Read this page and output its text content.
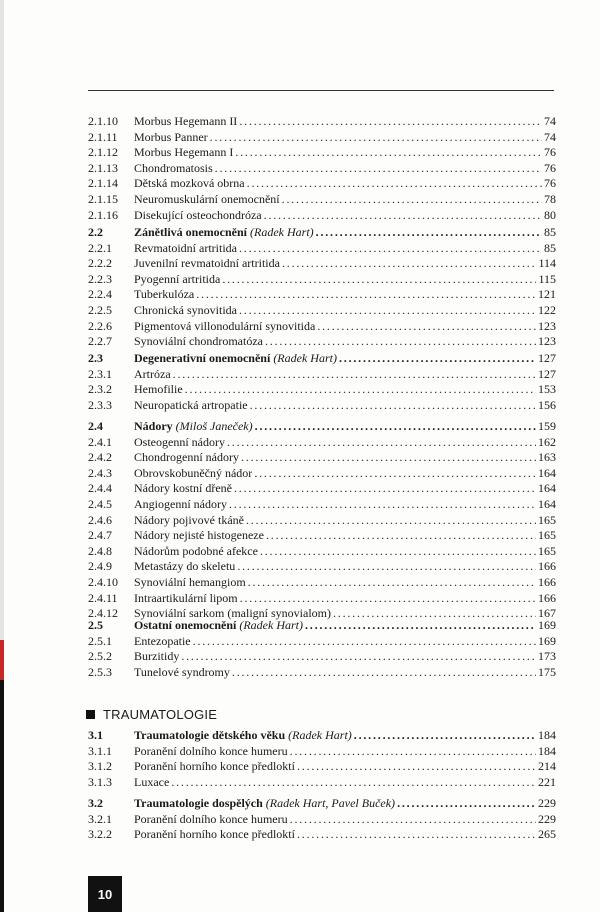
2.1.10	Morbus Hegemann II . . .	74
2.1.11	Morbus Panner . . .	74
2.1.12	Morbus Hegemann I . . .	76
2.1.13	Chondromatosis . . .	76
2.1.14	Dětská mozková obrna . . .	76
2.1.15	Neuromuskulární onemocnění . . .	78
2.1.16	Disekující osteochondróza . . .	80
2.2	Zánětlivá onemocnění (Radek Hart) . . .	85
2.2.1	Revmatoidní artritida . . .	85
2.2.2	Juvenilní revmatoidní artritida . . .	114
2.2.3	Pyogenní artritida . . .	115
2.2.4	Tuberkulóza . . .	121
2.2.5	Chronická synovitida . . .	122
2.2.6	Pigmentová villonodulární synovitida . . .	123
2.2.7	Synoviální chondromatóza . . .	123
2.3	Degenerativní onemocnění (Radek Hart) . . .	127
2.3.1	Artróza . . .	127
2.3.2	Hemofilie . . .	153
2.3.3	Neuropatická artropatie . . .	156
2.4	Nádory (Miloš Janeček) . . .	159
2.4.1	Osteogenní nádory . . .	162
2.4.2	Chondrogenní nádory . . .	163
2.4.3	Obrovskobuněčný nádor . . .	164
2.4.4	Nádory kostní dřeně . . .	164
2.4.5	Angiogenní nádory . . .	164
2.4.6	Nádory pojivové tkáně . . .	165
2.4.7	Nádory nejisté histogeneze . . .	165
2.4.8	Nádorům podobné afekce . . .	165
2.4.9	Metastázy do skeletu . . .	166
2.4.10	Synoviální hemangiom . . .	166
2.4.11	Intraartikulární lipom . . .	166
2.4.12	Synoviální sarkom (maligní synovialom) . . .	167
2.5	Ostatní onemocnění (Radek Hart) . . .	169
2.5.1	Entezopatie . . .	169
2.5.2	Burzitidy . . .	173
2.5.3	Tunelové syndromy . . .	175
3.1	Traumatologie dětského věku (Radek Hart) . . .	184
3.1.1	Poranění dolního konce humeru . . .	184
3.1.2	Poranění horního konce předloktí . . .	214
3.1.3	Luxace . . .	221
3.2	Traumatologie dospělých (Radek Hart, Pavel Buček) . . .	229
3.2.1	Poranění dolního konce humeru . . .	229
3.2.2	Poranění horního konce předloktí . . .	265
TRAUMATOLOGIE
10
